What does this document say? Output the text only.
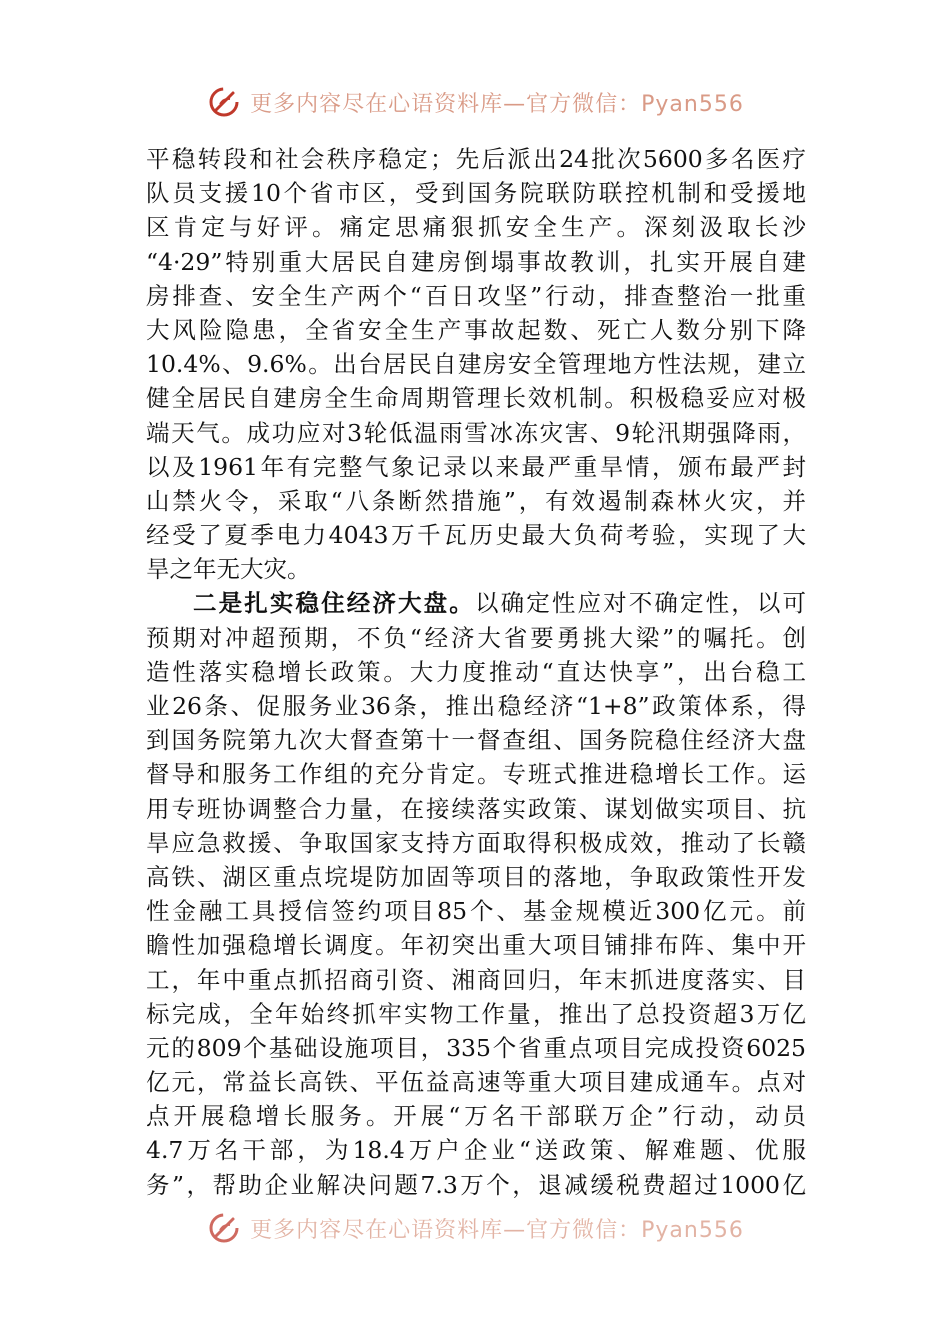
更多内容尽在心语资料库—官方微信：Pyan556
平稳转段和社会秩序稳定；先后派出24批次5600多名医疗
队员支援10个省市区，受到国务院联防联控机制和受援地
区肯定与好评。痛定思痛狠抓安全生产。深刻汲取长沙
“4·29”特别重大居民自建房倒塌事故教训，扎实开展自建
房排查、安全生产两个“百日攻坚”行动，排查整治一批重
大风险隐患，全省安全生产事故起数、死亡人数分别下降
10.4%、9.6%。出台居民自建房安全管理地方性法规，建立
健全居民自建房全生命周期管理长效机制。积极稳妥应对极
端天气。成功应对3轮低温雨雪冰冻灾害、9轮汛期强降雨，
以及1961年有完整气象记录以来最严重旱情，颁布最严封
山禁火令，采取“八条断然措施”，有效遏制森林火灾，并
经受了夏季电力4043万千瓦历史最大负荷考验，实现了大
旱之年无大灾。
二是扎实稳住经济大盘。以确定性应对不确定性，以可
预期对冲超预期，不负“经济大省要勇挑大梁”的嘱托。创
造性落实稳增长政策。大力度推动“直达快享”，出台稳工
业26条、促服务业36条，推出稳经济“1+8”政策体系，得
到国务院第九次大督查第十一督查组、国务院稳住经济大盘
督导和服务工作组的充分肯定。专班式推进稳增长工作。运
用专班协调整合力量，在接续落实政策、谋划做实项目、抗
旱应急救援、争取国家支持方面取得积极成效，推动了长赣
高铁、湖区重点垸堤防加固等项目的落地，争取政策性开发
性金融工具授信签约项目85个、基金规模近300亿元。前
瞻性加强稳增长调度。年初突出重大项目铺排布阵、集中开
工，年中重点抓招商引资、湘商回归，年末抓进度落实、目
标完成，全年始终抓牢实物工作量，推出了总投资超3万亿
元的809个基础设施项目，335个省重点项目完成投资6025
亿元，常益长高铁、平伍益高速等重大项目建成通车。点对
点开展稳增长服务。开展“万名干部联万企”行动，动员
4.7万名干部，为18.4万户企业“送政策、解难题、优服
务”，帮助企业解决问题7.3万个，退减缓税费超过1000亿
更多内容尽在心语资料库—官方微信：Pyan556
